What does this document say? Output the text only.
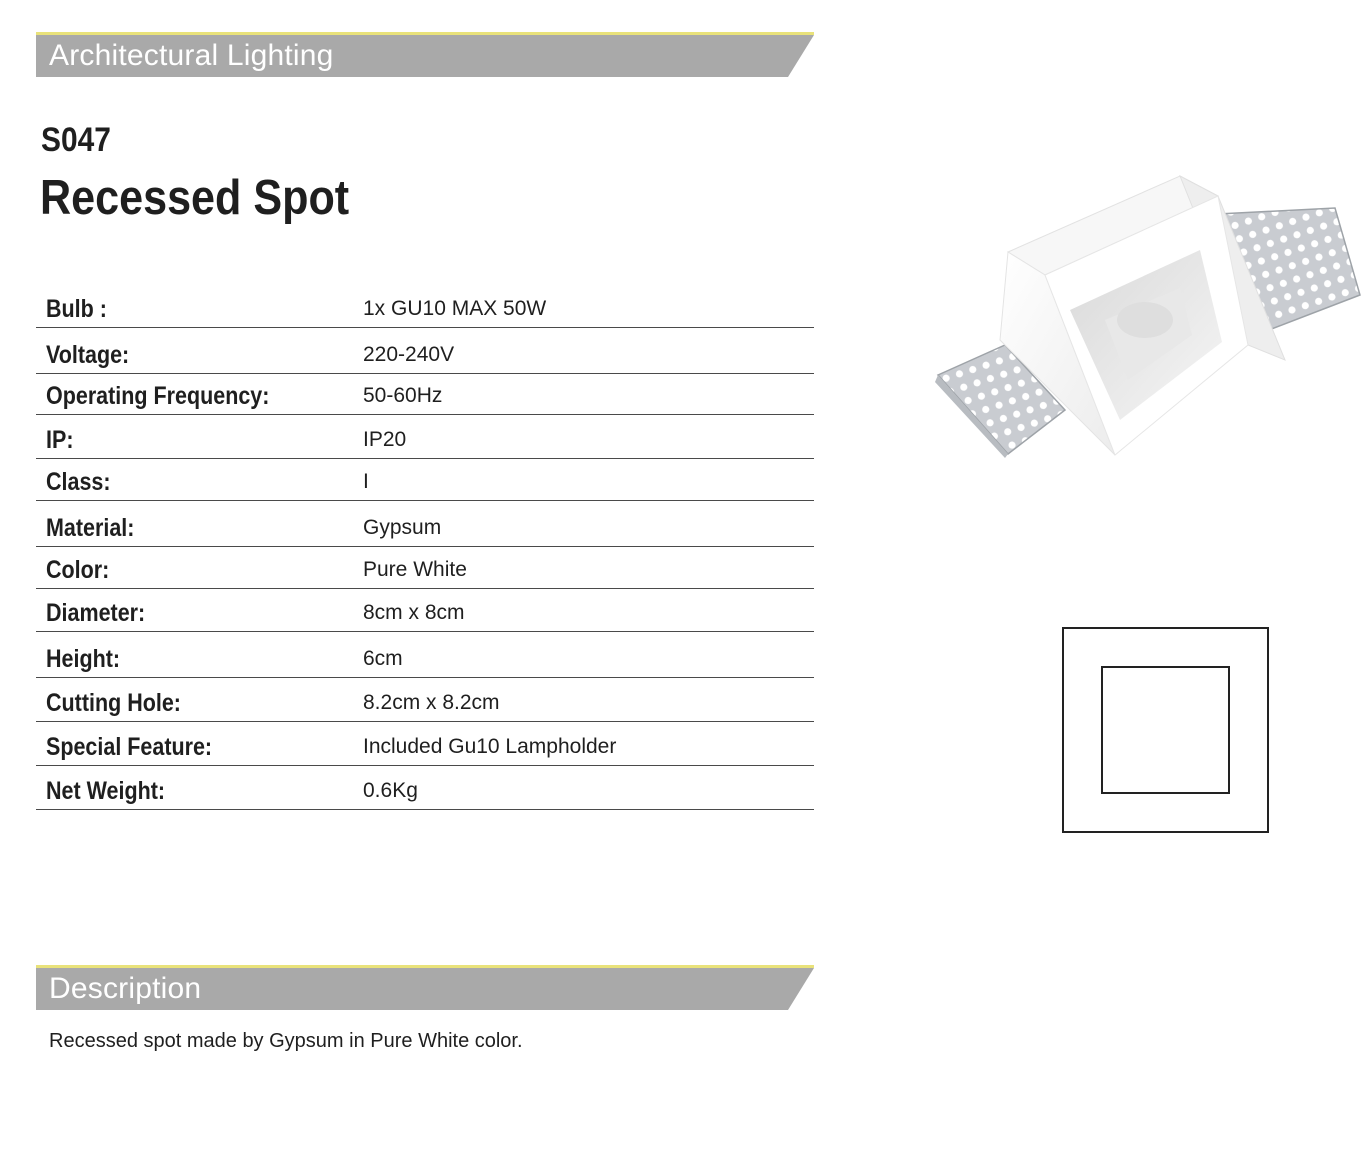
Architectural Lighting
S047
Recessed Spot
Bulb :	1x GU10 MAX 50W
Voltage:	220-240V
Operating Frequency:	50-60Hz
IP:	IP20
Class:	I
Material:	Gypsum
Color:	Pure White
Diameter:	8cm x 8cm
Height:	6cm
Cutting Hole:	8.2cm x 8.2cm
Special Feature:	Included Gu10 Lampholder
Net Weight:	0.6Kg
Description
Recessed spot made by Gypsum in Pure White color.
